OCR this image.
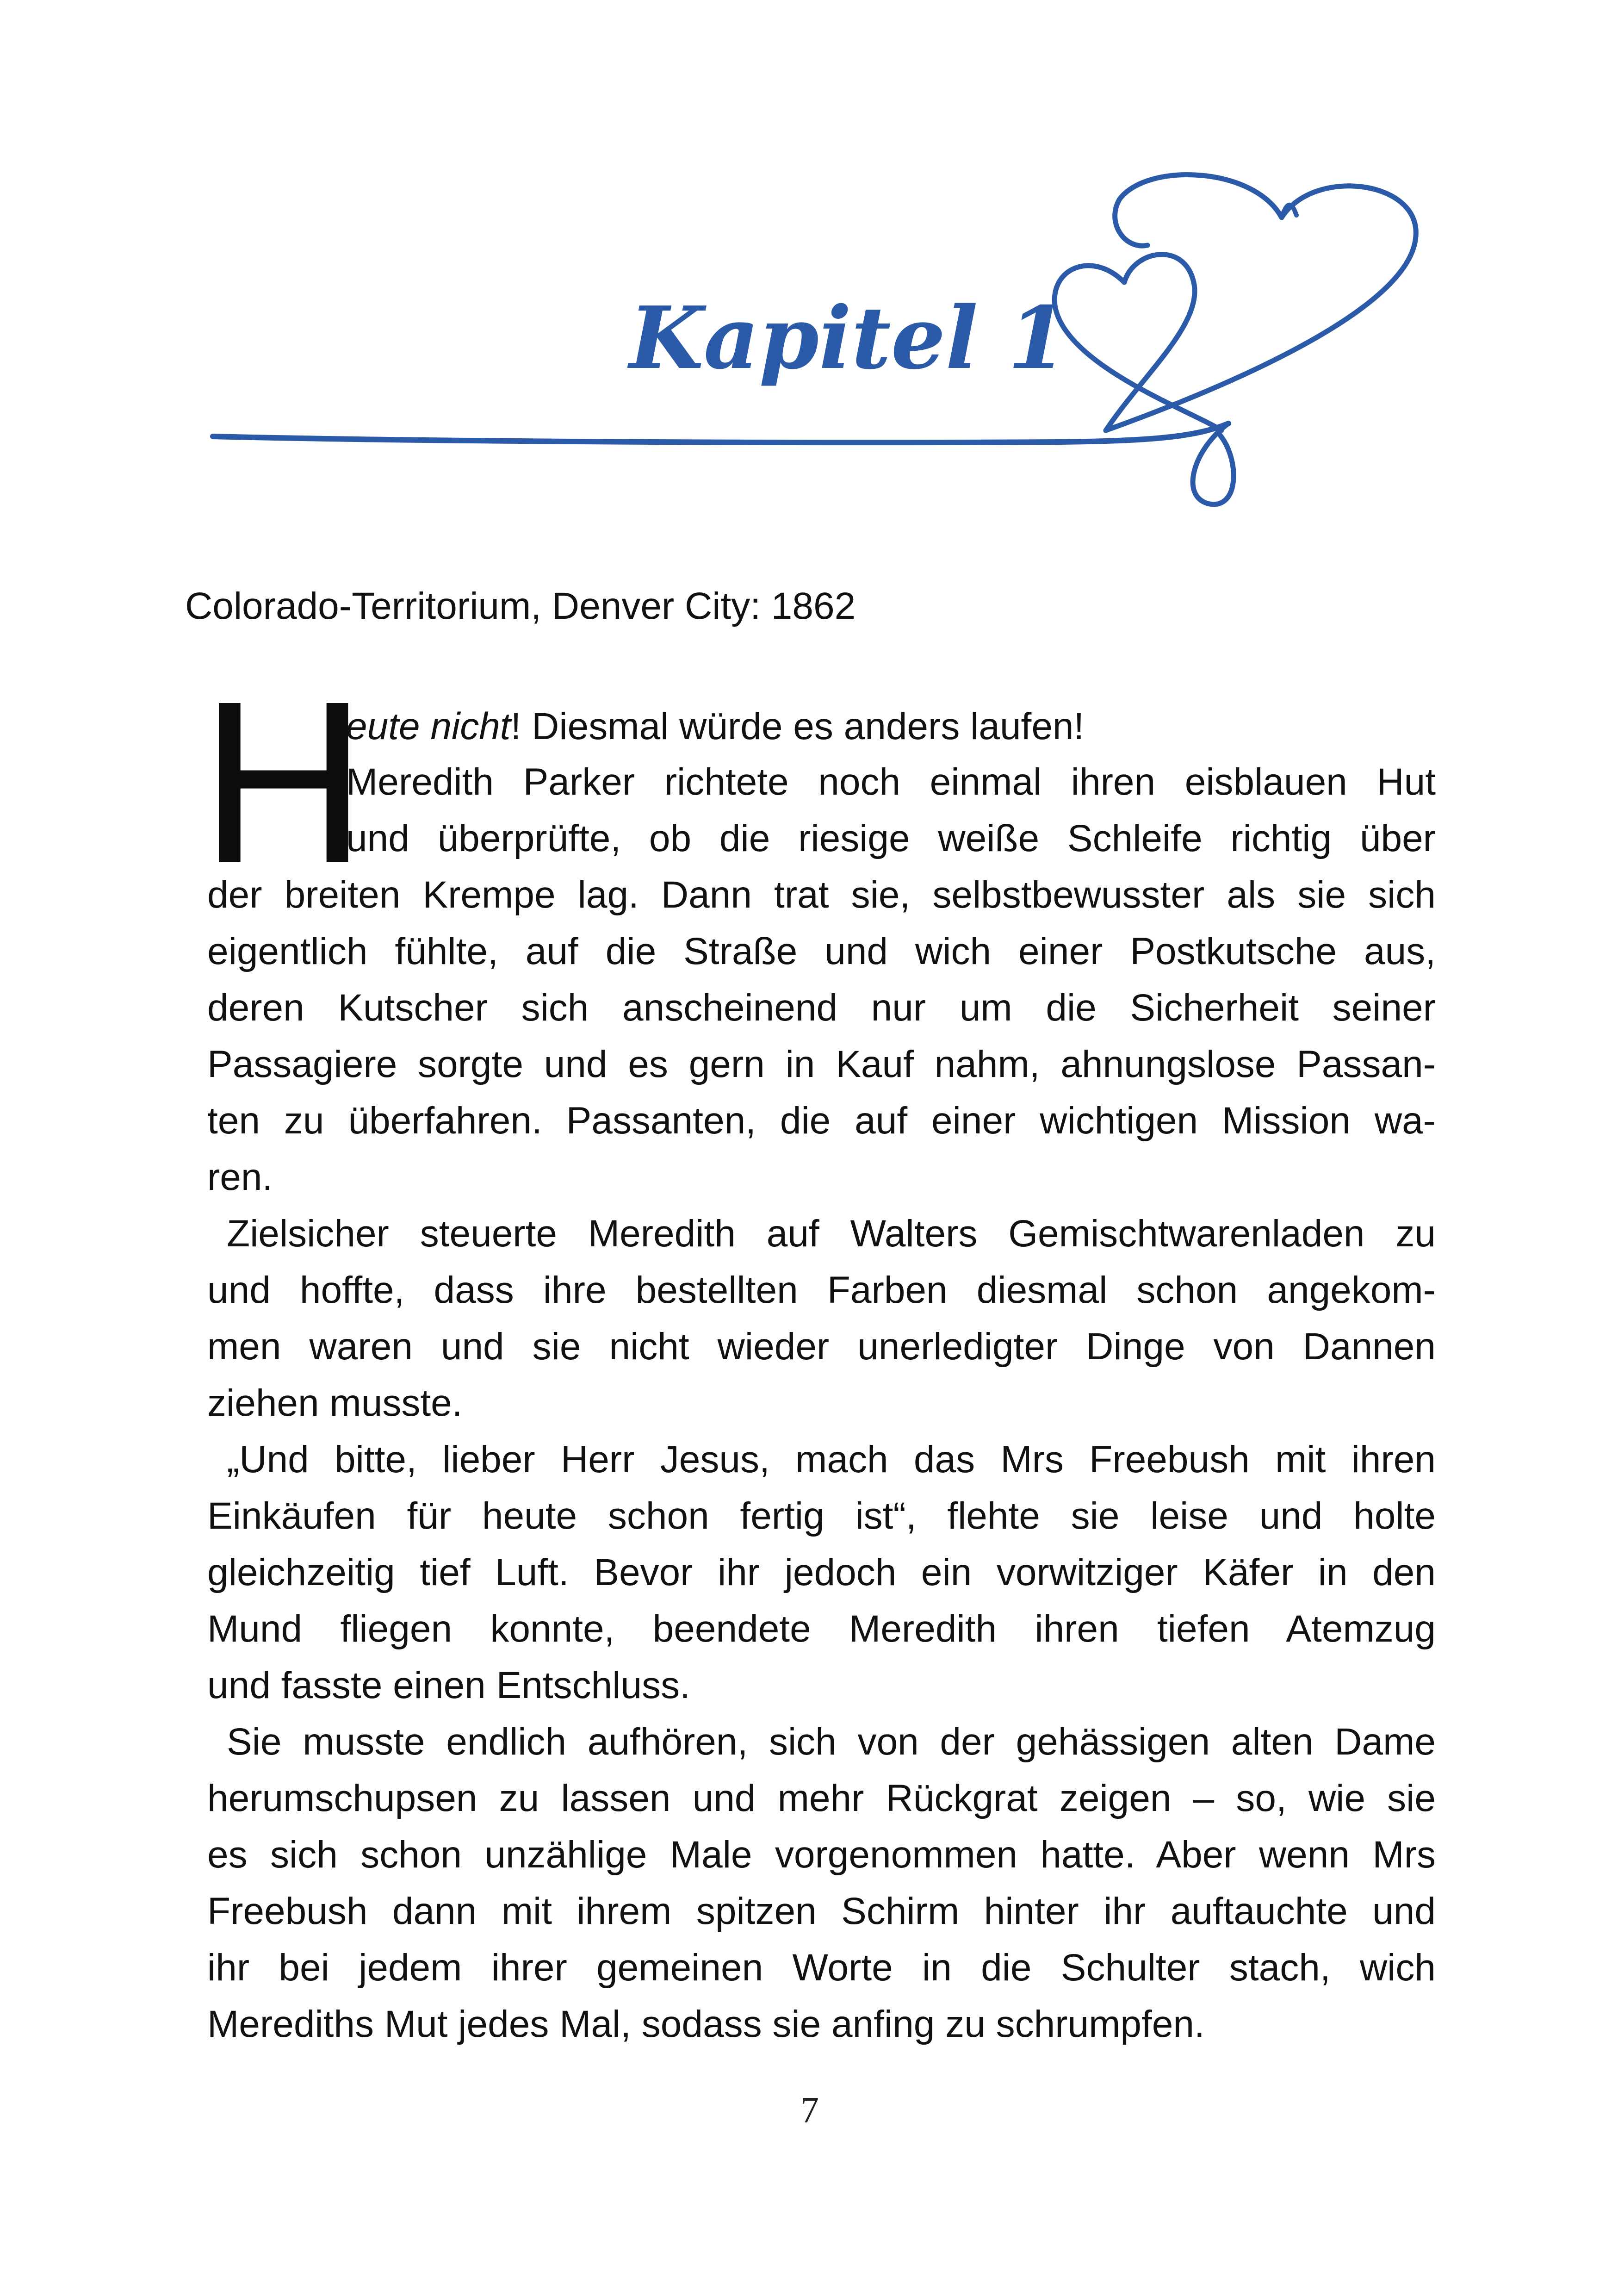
Kapitel 1
Colorado-Territorium, Denver City: 1862
H
eute nicht! Diesmal würde es anders laufen!
Meredith Parker richtete noch einmal ihren eisblauen Hut
und überprüfte, ob die riesige weiße Schleife richtig über
der breiten Krempe lag. Dann trat sie, selbstbewusster als sie sich
eigentlich fühlte, auf die Straße und wich einer Postkutsche aus,
deren Kutscher sich anscheinend nur um die Sicherheit seiner
Passagiere sorgte und es gern in Kauf nahm, ahnungslose Passan-
ten zu überfahren. Passanten, die auf einer wichtigen Mission wa-
ren.
Zielsicher steuerte Meredith auf Walters Gemischtwarenladen zu
und hoffte, dass ihre bestellten Farben diesmal schon angekom-
men waren und sie nicht wieder unerledigter Dinge von Dannen
ziehen musste.
„Und bitte, lieber Herr Jesus, mach das Mrs Freebush mit ihren
Einkäufen für heute schon fertig ist“, flehte sie leise und holte
gleichzeitig tief Luft. Bevor ihr jedoch ein vorwitziger Käfer in den
Mund fliegen konnte, beendete Meredith ihren tiefen Atemzug
und fasste einen Entschluss.
Sie musste endlich aufhören, sich von der gehässigen alten Dame
herumschupsen zu lassen und mehr Rückgrat zeigen – so, wie sie
es sich schon unzählige Male vorgenommen hatte. Aber wenn Mrs
Freebush dann mit ihrem spitzen Schirm hinter ihr auftauchte und
ihr bei jedem ihrer gemeinen Worte in die Schulter stach, wich
Merediths Mut jedes Mal, sodass sie anfing zu schrumpfen.
7
